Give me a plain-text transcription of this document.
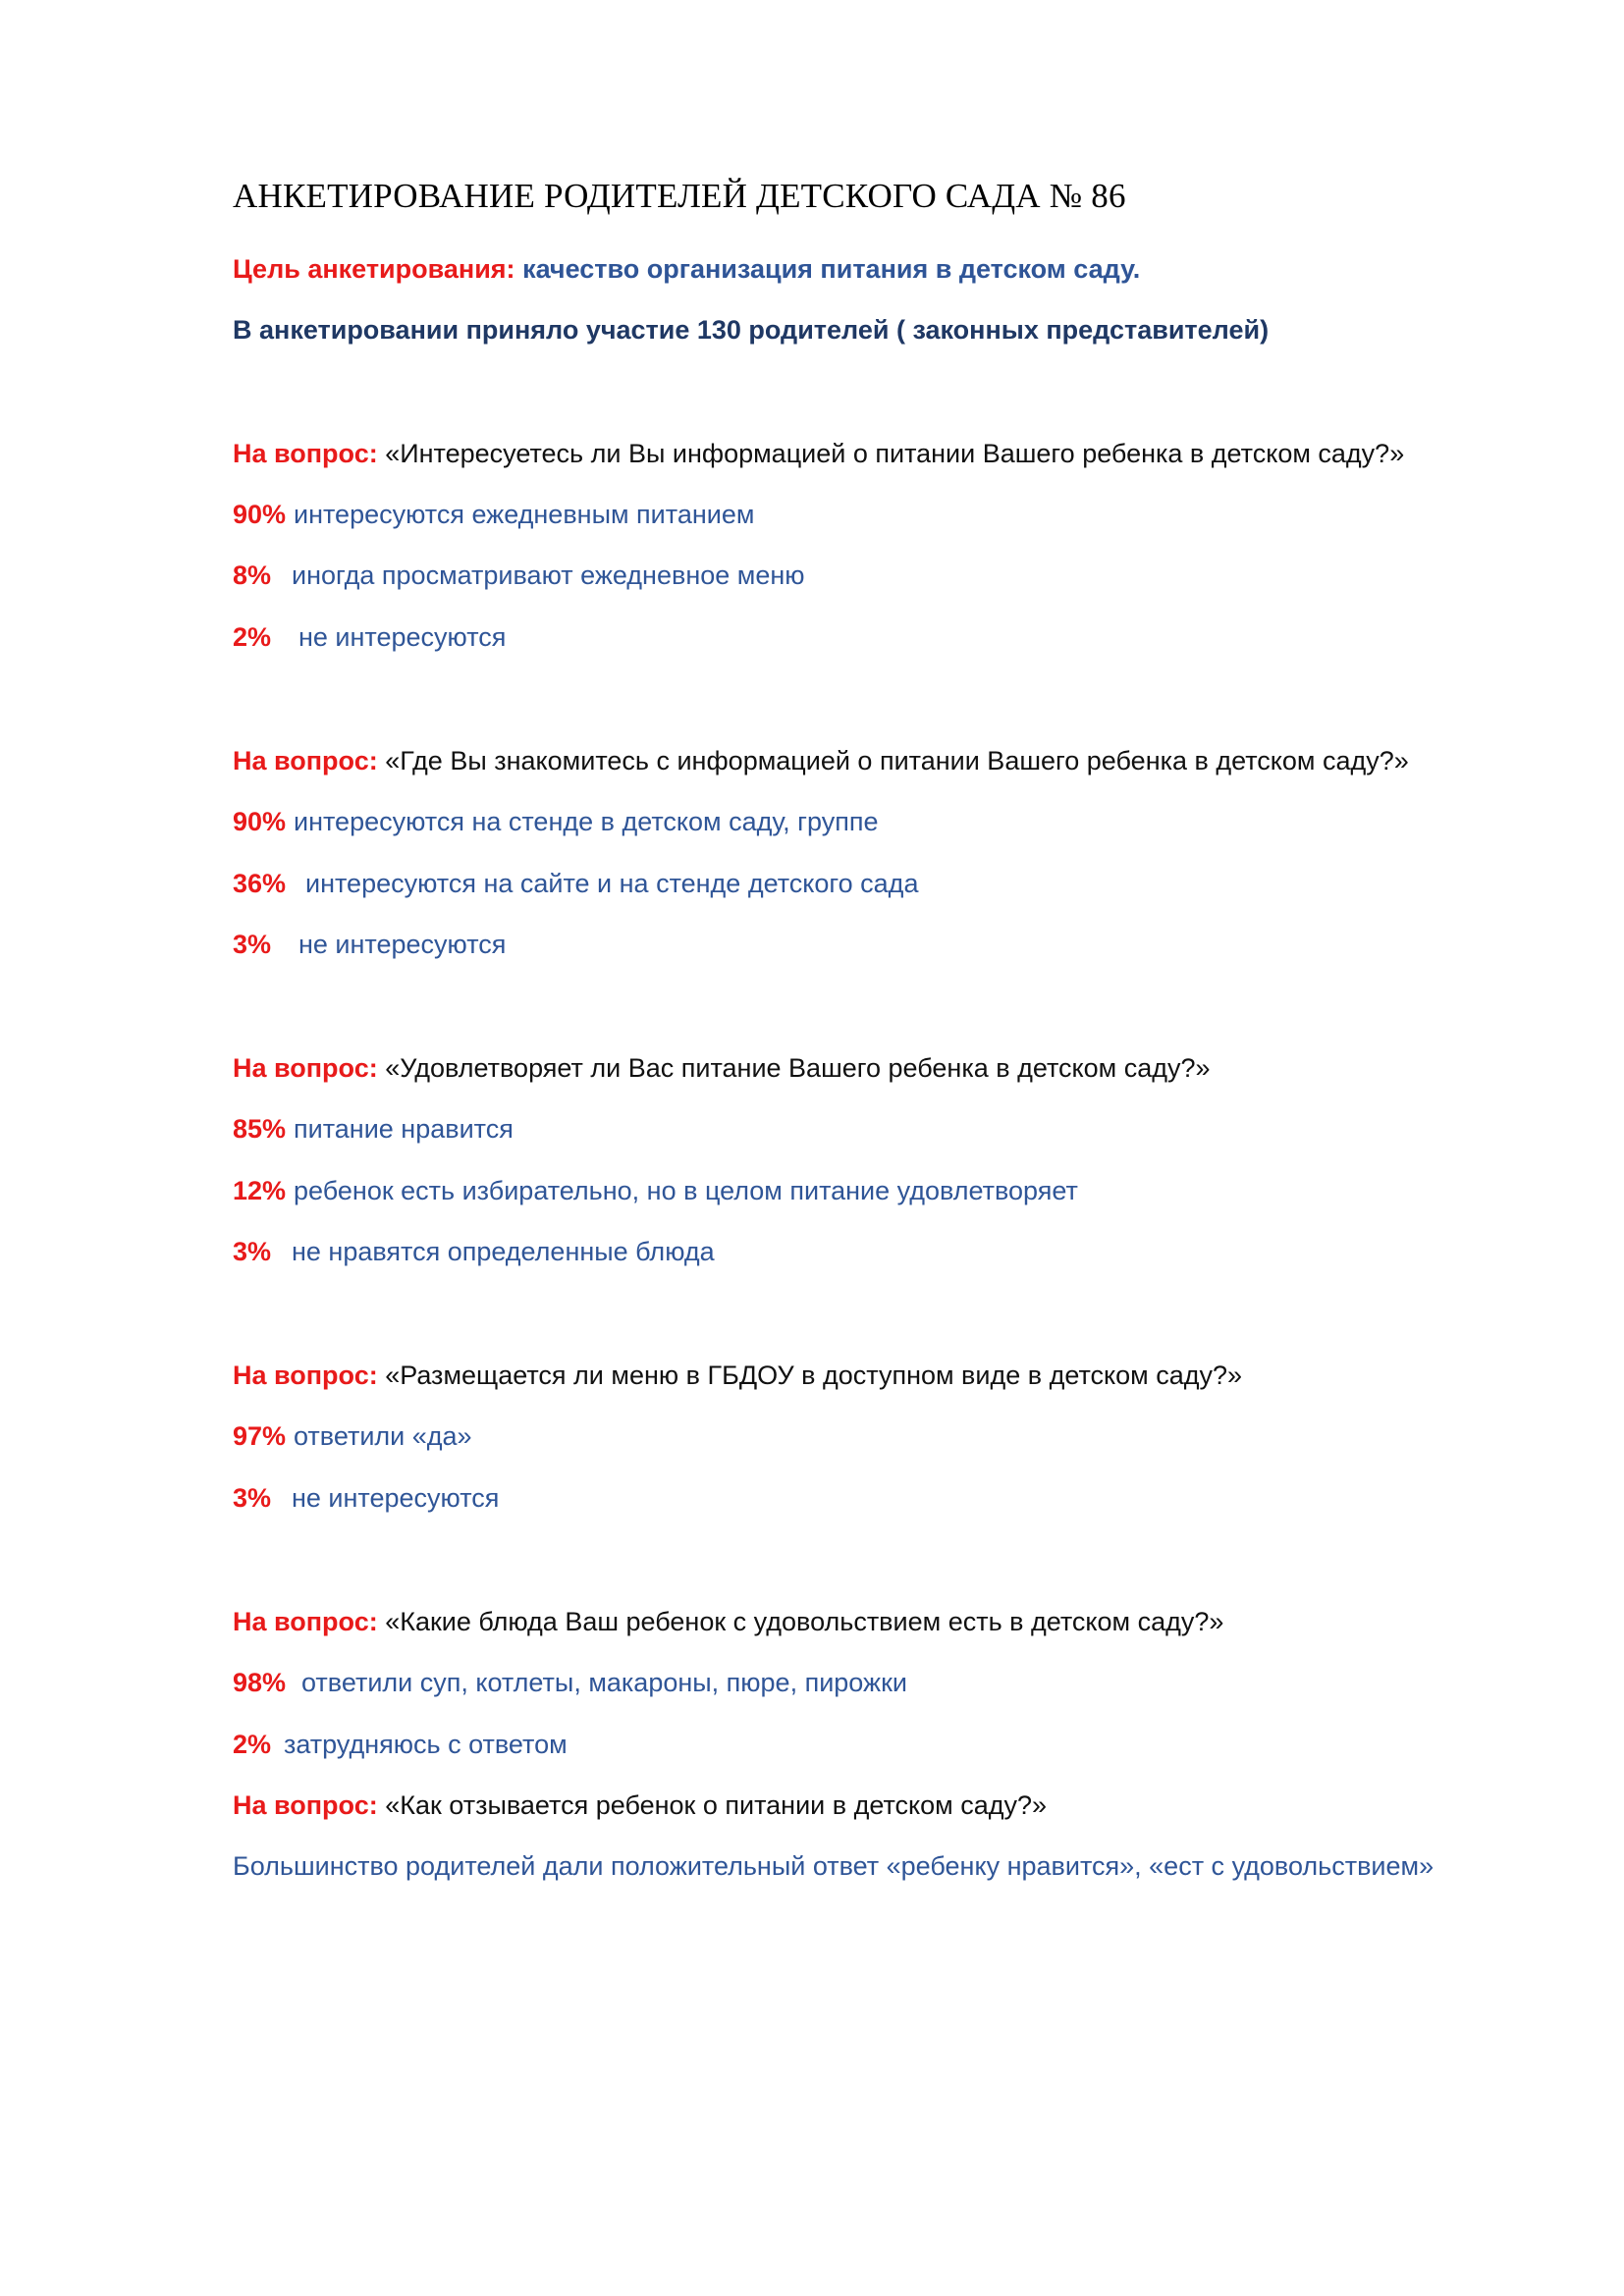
АНКЕТИРОВАНИЕ РОДИТЕЛЕЙ ДЕТСКОГО САДА № 86

Цель анкетирования: качество организация питания в детском саду.

В анкетировании приняло участие 130 родителей ( законных представителей)

На вопрос: «Интересуетесь ли Вы информацией о питании Вашего ребенка в детском саду?»

90% интересуются ежедневным питанием

8% иногда просматривают ежедневное меню

2% не интересуются

На вопрос: «Где Вы знакомитесь с информацией о питании Вашего ребенка в детском саду?»

90% интересуются на стенде в детском саду, группе

36% интересуются на сайте и на стенде детского сада

3% не интересуются

На вопрос: «Удовлетворяет ли Вас питание Вашего ребенка в детском саду?»

85% питание нравится

12% ребенок есть избирательно, но в целом питание удовлетворяет

3% не нравятся определенные блюда

На вопрос: «Размещается ли меню в ГБДОУ в доступном виде в детском саду?»

97% ответили «да»

3% не интересуются

На вопрос: «Какие блюда Ваш ребенок с удовольствием есть в детском саду?»

98% ответили суп, котлеты, макароны, пюре, пирожки

2% затрудняюсь с ответом

На вопрос: «Как отзывается ребенок о питании в детском саду?»

Большинство родителей дали положительный ответ «ребенку нравится», «ест с удовольствием»
